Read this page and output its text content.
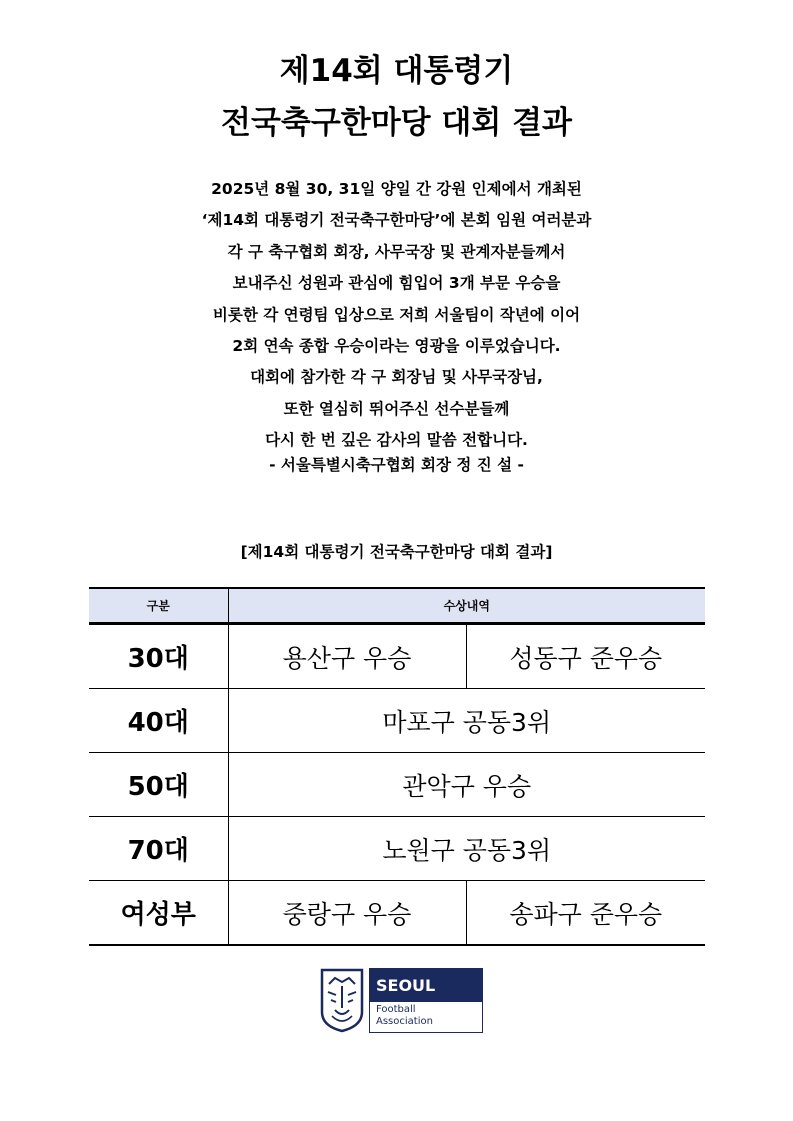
제14회 대통령기
전국축구한마당 대회 결과
2025년 8월 30, 31일 양일 간 강원 인제에서 개최된
‘제14회 대통령기 전국축구한마당’에 본회 임원 여러분과
각 구 축구협회 회장, 사무국장 및 관계자분들께서
보내주신 성원과 관심에 힘입어 3개 부문 우승을
비롯한 각 연령팀 입상으로 저희 서울팀이 작년에 이어
2회 연속 종합 우승이라는 영광을 이루었습니다.
대회에 참가한 각 구 회장님 및 사무국장님,
또한 열심히 뛰어주신 선수분들께
다시 한 번 깊은 감사의 말씀 전합니다.
- 서울특별시축구협회 회장 정 진 설 -
[제14회 대통령기 전국축구한마당 대회 결과]
구분	수상내역	
30대	용산구 우승	성동구 준우승
40대	마포구 공동3위	
50대	관악구 우승	
70대	노원구 공동3위	
여성부	중랑구 우승	송파구 준우승
SEOUL
Football
Association
